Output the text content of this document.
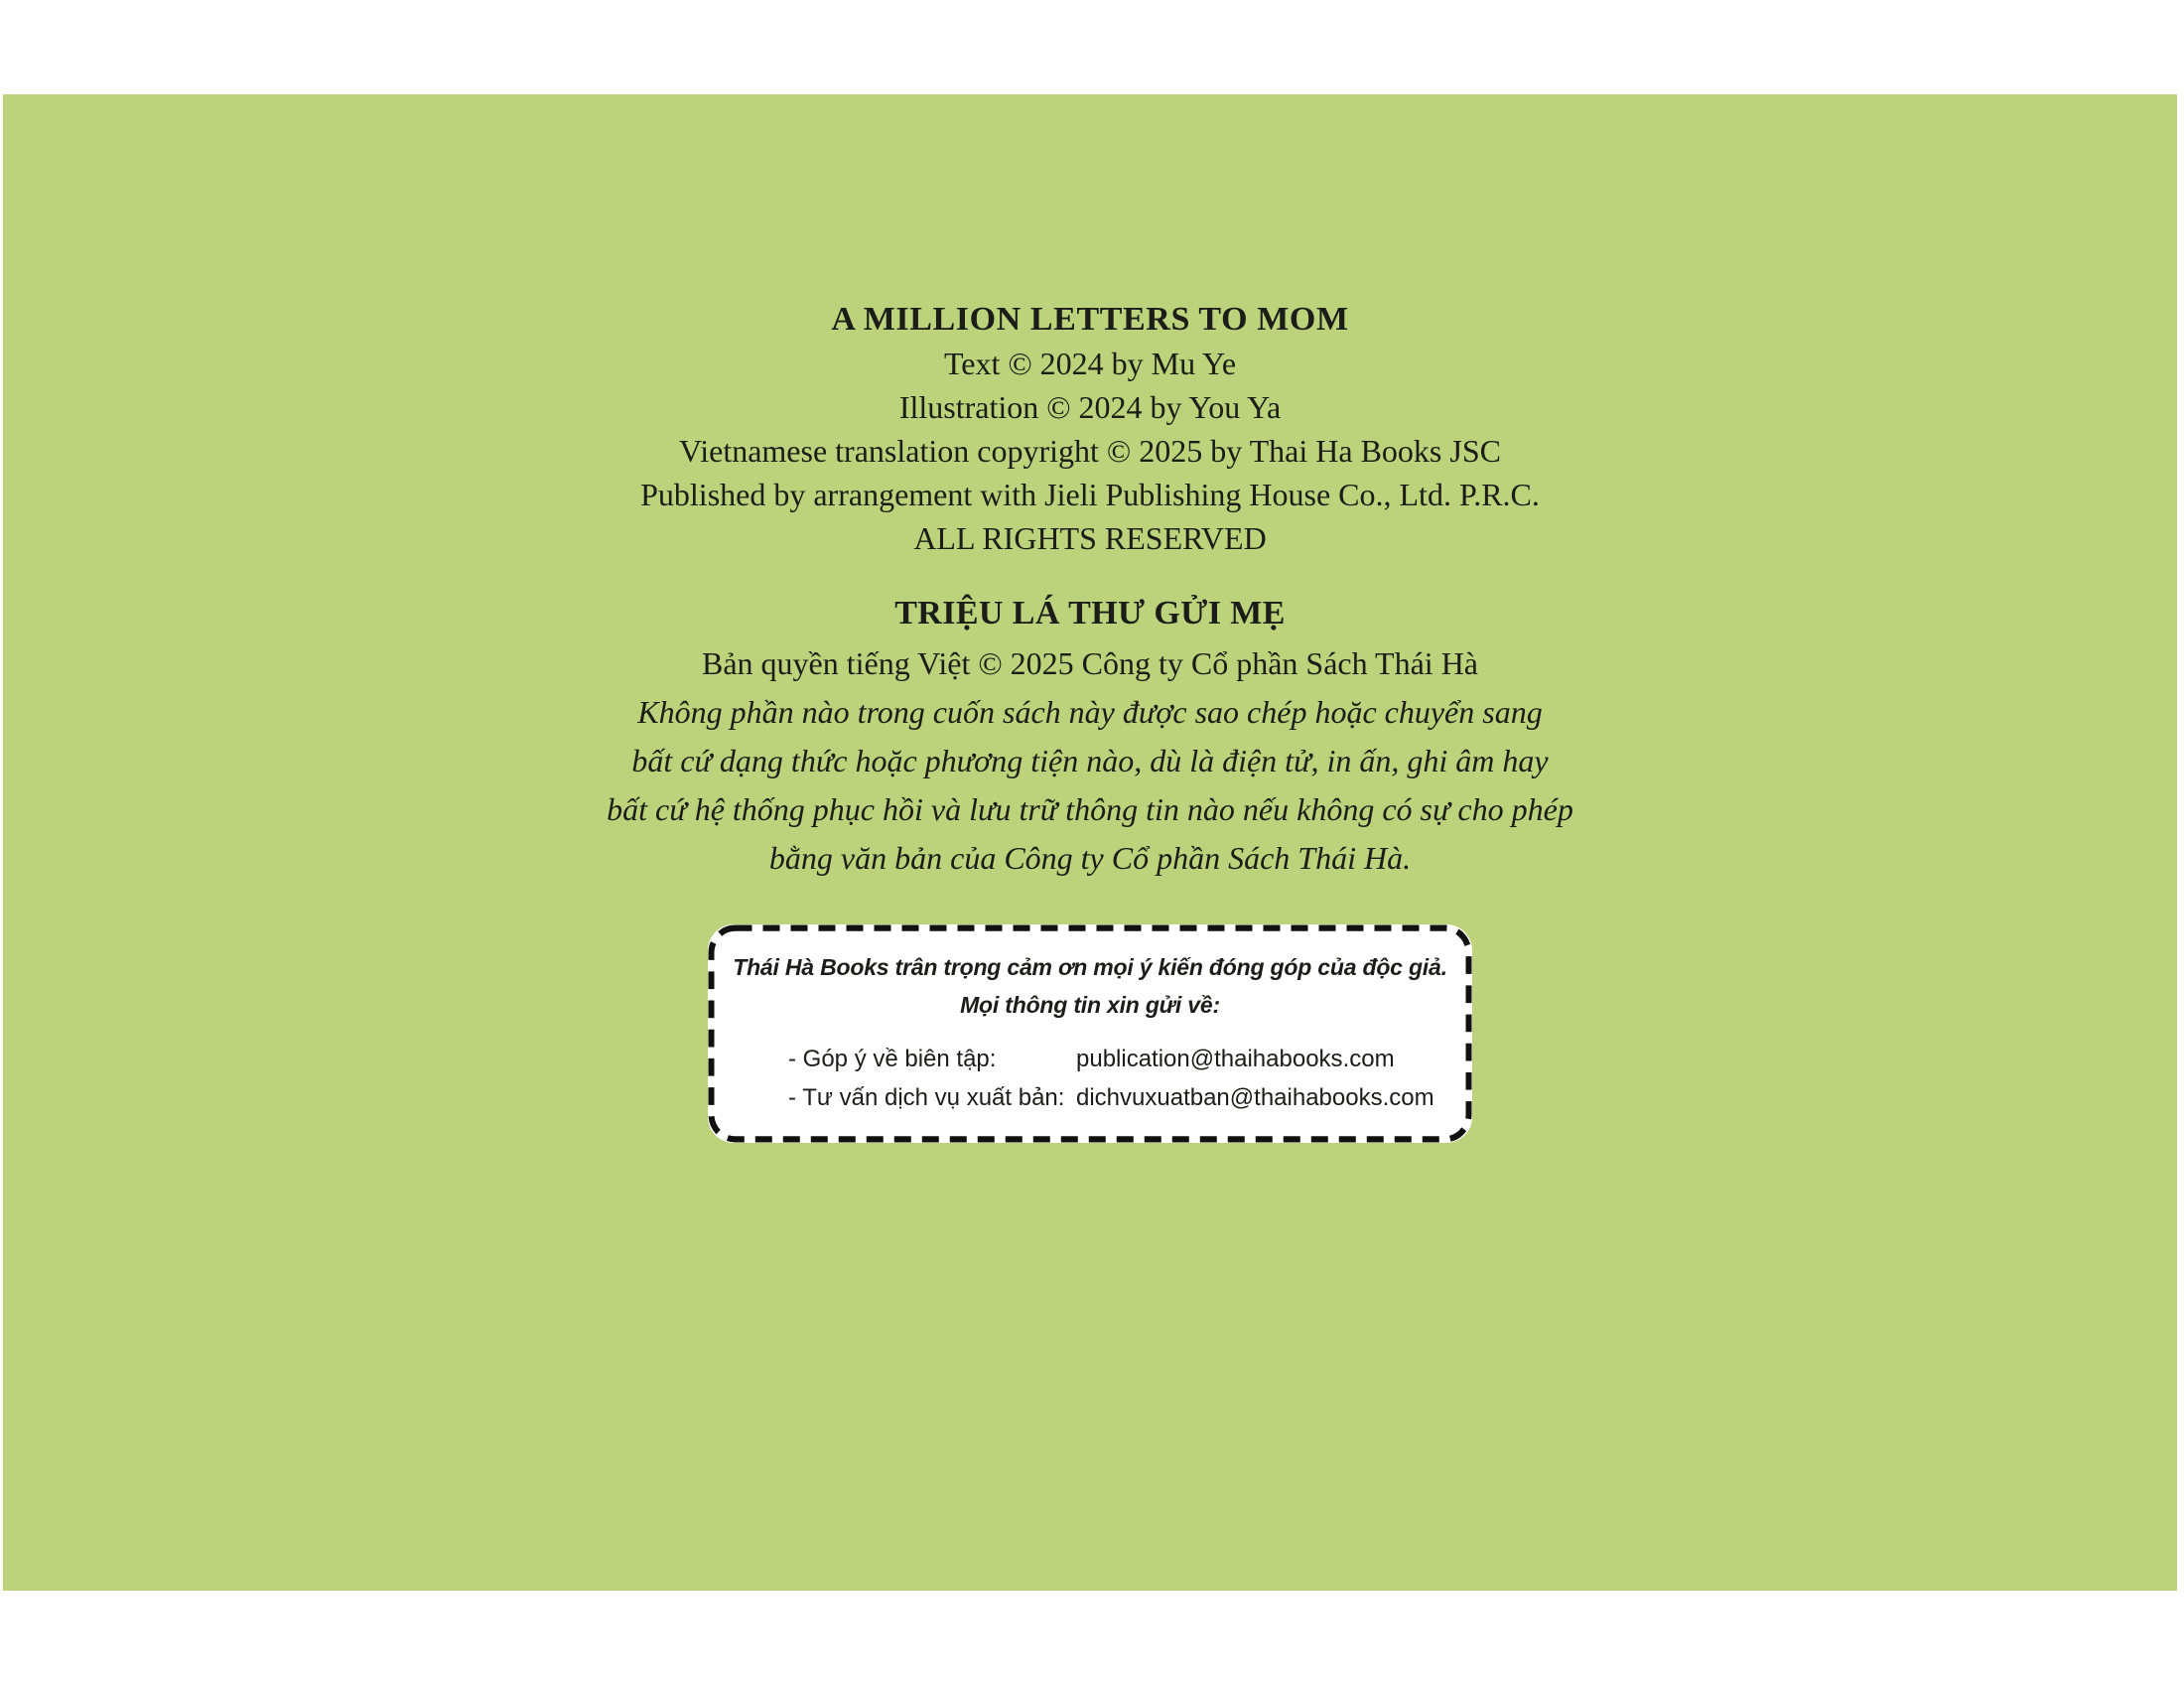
A MILLION LETTERS TO MOM
Text © 2024 by Mu Ye
Illustration © 2024 by You Ya
Vietnamese translation copyright © 2025 by Thai Ha Books JSC
Published by arrangement with Jieli Publishing House Co., Ltd. P.R.C.
ALL RIGHTS RESERVED
TRIỆU LÁ THƯ GỬI MẸ
Bản quyền tiếng Việt © 2025 Công ty Cổ phần Sách Thái Hà
Không phần nào trong cuốn sách này được sao chép hoặc chuyển sang
bất cứ dạng thức hoặc phương tiện nào, dù là điện tử, in ấn, ghi âm hay
bất cứ hệ thống phục hồi và lưu trữ thông tin nào nếu không có sự cho phép
bằng văn bản của Công ty Cổ phần Sách Thái Hà.
Thái Hà Books trân trọng cảm ơn mọi ý kiến đóng góp của độc giả.
Mọi thông tin xin gửi về:
- Góp ý về biên tập:	publication@thaihabooks.com
- Tư vấn dịch vụ xuất bản: dichvuxuatban@thaihabooks.com
